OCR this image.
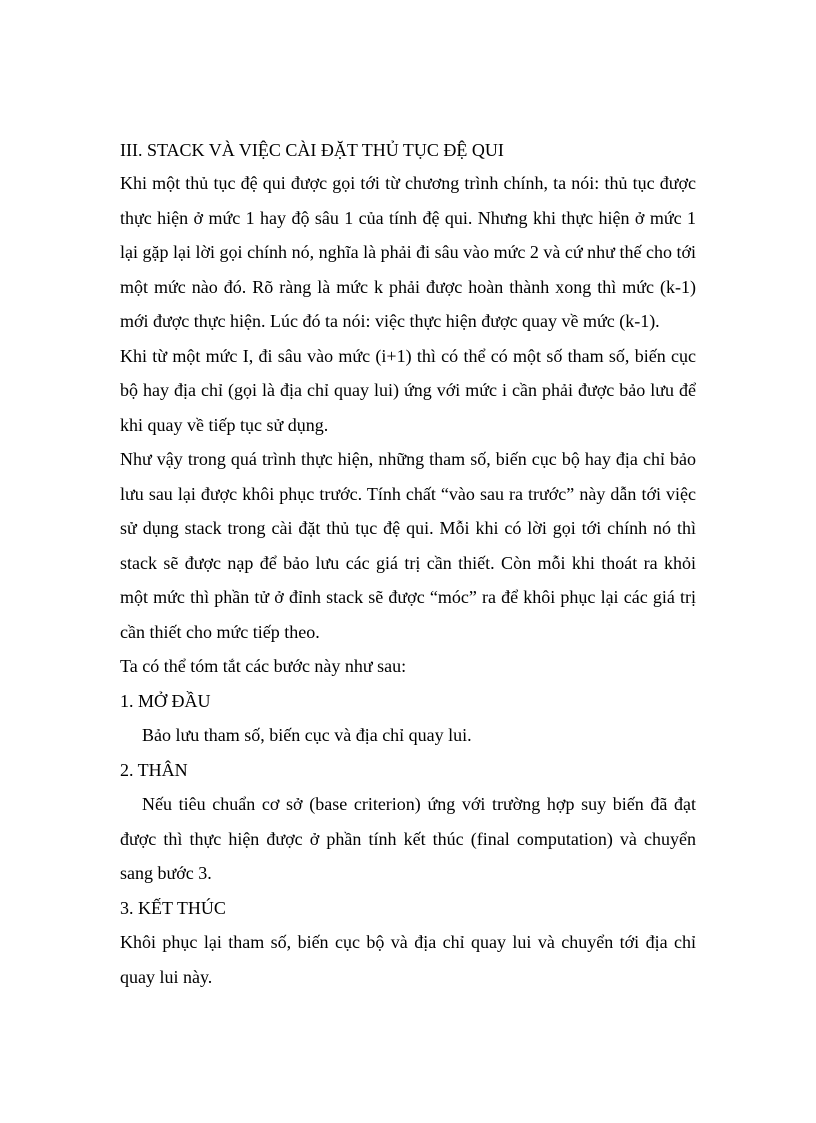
III. STACK VÀ VIỆC CÀI ĐẶT THỦ TỤC ĐỆ QUI

Khi một thủ tục đệ qui được gọi tới từ chương trình chính, ta nói: thủ tục được thực hiện ở mức 1 hay độ sâu 1 của tính đệ qui. Nhưng khi thực hiện ở mức 1 lại gặp lại lời gọi chính nó, nghĩa là phải đi sâu vào mức 2 và cứ như thế cho tới một mức nào đó. Rõ ràng là mức k phải được hoàn thành xong thì mức (k-1) mới được thực hiện. Lúc đó ta nói: việc thực hiện được quay về mức (k-1).

Khi từ một mức I, đi sâu vào mức (i+1) thì có thể có một số tham số, biến cục bộ hay địa chỉ (gọi là địa chỉ quay lui) ứng với mức i cần phải được bảo lưu để khi quay về tiếp tục sử dụng.

Như vậy trong quá trình thực hiện, những tham số, biến cục bộ hay địa chỉ bảo lưu sau lại được khôi phục trước. Tính chất “vào sau ra trước” này dẫn tới việc sử dụng stack trong cài đặt thủ tục đệ qui. Mỗi khi có lời gọi tới chính nó thì stack sẽ được nạp để bảo lưu các giá trị cần thiết. Còn mỗi khi thoát ra khỏi một mức thì phần tử ở đỉnh stack sẽ được “móc” ra để khôi phục lại các giá trị cần thiết cho mức tiếp theo.

Ta có thể tóm tắt các bước này như sau:

1. MỞ ĐẦU

Bảo lưu tham số, biến cục và địa chỉ quay lui.

2. THÂN

Nếu tiêu chuẩn cơ sở (base criterion) ứng với trường hợp suy biến đã đạt được thì thực hiện được ở phần tính kết thúc (final computation) và chuyển sang bước 3.

3. KẾT THÚC

Khôi phục lại tham số, biến cục bộ và địa chỉ quay lui và chuyển tới địa chỉ quay lui này.
